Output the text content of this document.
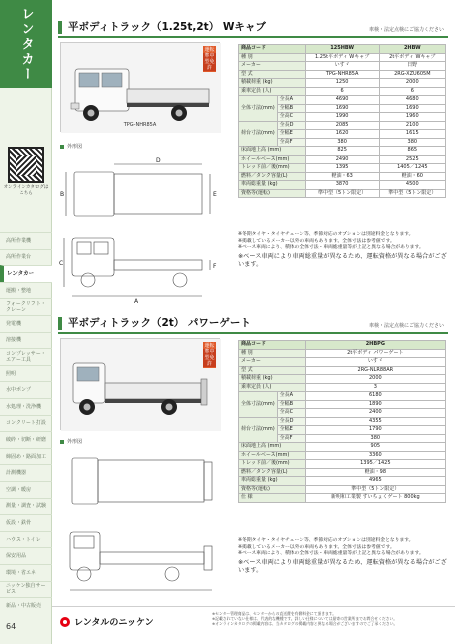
レンタカー
オンラインカタログはこちら
高所作業機
高所作業台
レンタカー
運搬・整地
フォークリフト・クレーン
発電機
溶接機
コンプレッサー・エアー工具
照明
水中ポンプ
水処理・洗浄機
コンクリート打設
破砕・切断・研磨
締固め・路面加工
計測機器
空調・暖房
測量・調査・試験
仮設・鉄骨
ハウス・トイレ
保安用品
環境・省エネ
ニッケン独自サービス
新品・中古販売
平ボディトラック（1.25t,2t） Wキャブ	車検・法定点検にご協力ください
運転
準中
型免許
TPG-NHR85A
外形図
D
B	E
A
C	F
商品コード		125HBW	2HBW
種 別		1.25t平ボディ Wキャブ	2t平ボディ Wキャブ
メーカー		いすゞ	日野
型 式		TPG-NHR85A	2RG-XZU605M
積載荷重 (kg)		1250	2000
乗車定員 (人)		6	6
全体寸法(mm)	全長A	4690	4680
	全幅B	1690	1690
	全高C	1990	1960
荷台寸法(mm)	全長D	2085	2100
	全幅E	1620	1615
	全高F	380	380
床面地上高 (mm)		825	865
ホイールベース(mm)		2490	2525
トレッド前／後(mm)		1395	1405／1245
燃料／タンク容量(L)		軽油・63	軽油・60
車両総重量 (kg)		3870	4500
資格等(運転)		準中型（5トン限定）	準中型（5トン限定）

※冬期タイヤ・タイヤチェーン等、季節対応のオプションは別途料金となります。

※掲載しているメーカー以外の車両もあります。全体寸法は参考値です。

※ベース車両により、積体の全体寸法・車両総重量等が上記と異なる場合があります。

※ベース車両により車両総重量が異なるため、運転資格が異なる場合がございます。

平ボディトラック（2t） パワーゲート	車検・法定点検にご協力ください
運転
準中
型免許
外形図
商品コード		2HBPG
種 別		2t平ボディ パワーゲート
メーカー		いすゞ
型 式		2RG-NLR88AR
積載荷重 (kg)		2000
乗車定員 (人)		3
全体寸法(mm)	全長A	6180
	全幅B	1890
	全高C	2400
荷台寸法(mm)	全長D	4355
	全幅E	1790
	全高F	380
床面地上高 (mm)		905
ホイールベース(mm)		3360
トレッド前／後(mm)		1395／1425
燃料／タンク容量(L)		軽油・98
車両総重量 (kg)		4965
資格等(運転)		準中型（5トン限定）
仕 様		新明和工業製 すいちょくゲート 800kg

※冬期タイヤ・タイヤチェーン等、季節対応のオプションは別途料金となります。

※掲載しているメーカー以外の車両もあります。全体寸法は参考値です。

※ベース車両により、積体の全体寸法・車両総重量等が上記と異なる場合があります。

※ベース車両により車両総重量が異なるため、運転資格が異なる場合がございます。

レンタルのニッケン

※センター管理商品は、センターからの直送費を有償料金にて頂きます。

※記載されていない仕様は、代表的な機種です。詳しい仕様については最寄の営業所までお問合せください。

※オンラインカタログの掲載内容は、当カタログの掲載内容と異なる場合がございますのでご了承ください。

64
